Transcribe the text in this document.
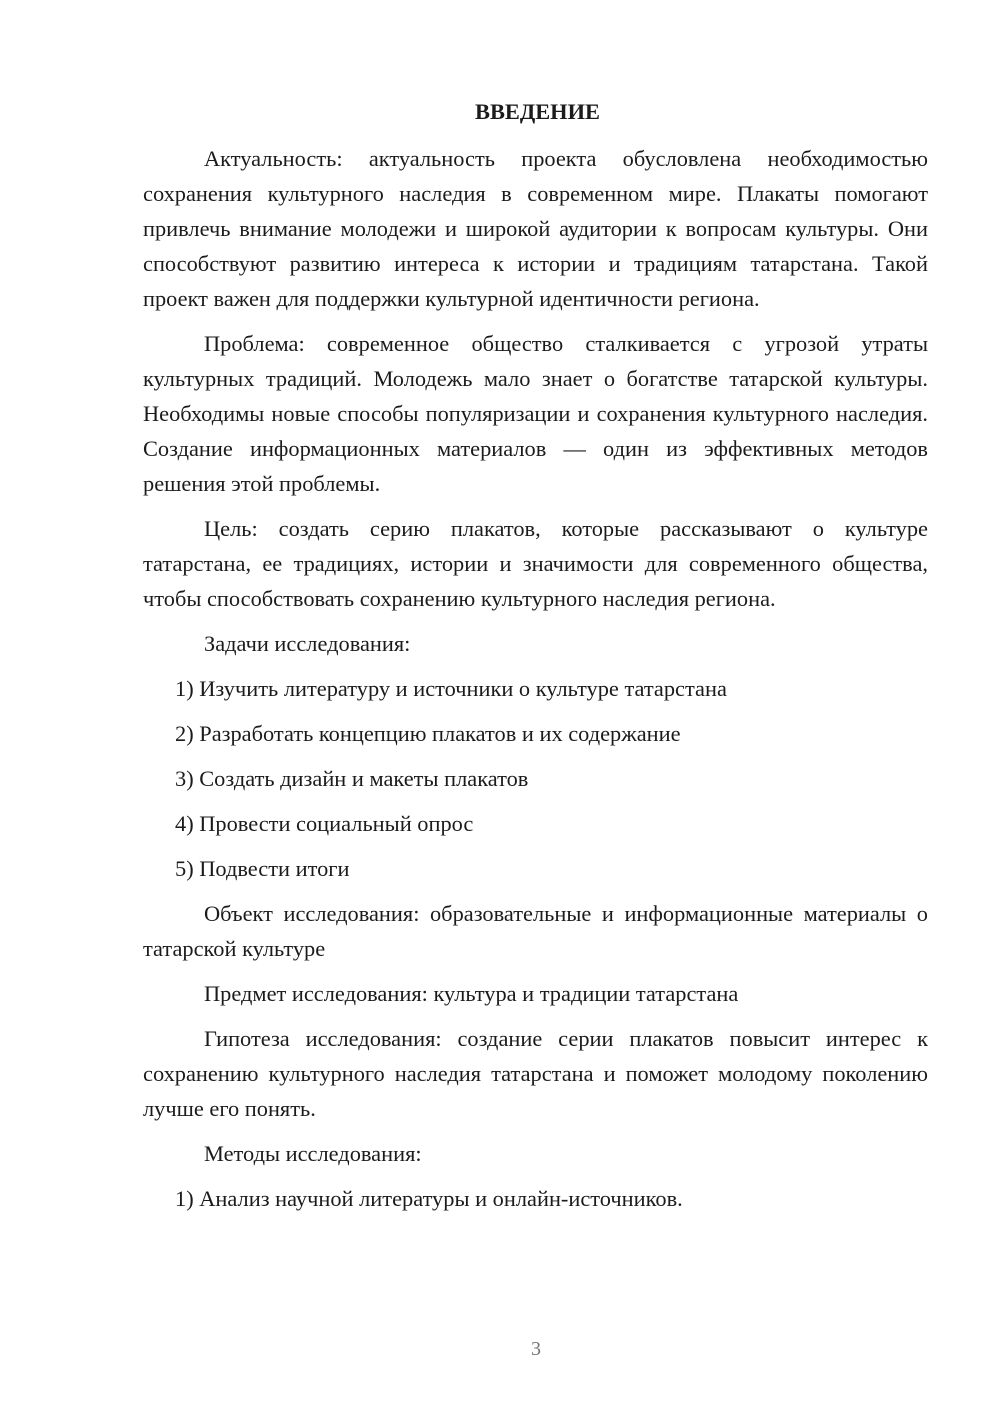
ВВЕДЕНИЕ

Актуальность: актуальность проекта обусловлена необходимостью сохранения культурного наследия в современном мире. Плакаты помогают привлечь внимание молодежи и широкой аудитории к вопросам культуры. Они способствуют развитию интереса к истории и традициям татарстана. Такой проект важен для поддержки культурной идентичности региона.

Проблема: современное общество сталкивается с угрозой утраты культурных традиций. Молодежь мало знает о богатстве татарской культуры. Необходимы новые способы популяризации и сохранения культурного наследия. Создание информационных материалов — один из эффективных методов решения этой проблемы.

Цель: создать серию плакатов, которые рассказывают о культуре татарстана, ее традициях, истории и значимости для современного общества, чтобы способствовать сохранению культурного наследия региона.

Задачи исследования:

1) Изучить литературу и источники о культуре татарстана

2) Разработать концепцию плакатов и их содержание

3) Создать дизайн и макеты плакатов

4) Провести социальный опрос

5) Подвести итоги

Объект исследования: образовательные и информационные материалы о татарской культуре

Предмет исследования: культура и традиции татарстана

Гипотеза исследования: создание серии плакатов повысит интерес к сохранению культурного наследия татарстана и поможет молодому поколению лучше его понять.

Методы исследования:

1) Анализ научной литературы и онлайн-источников.

3
